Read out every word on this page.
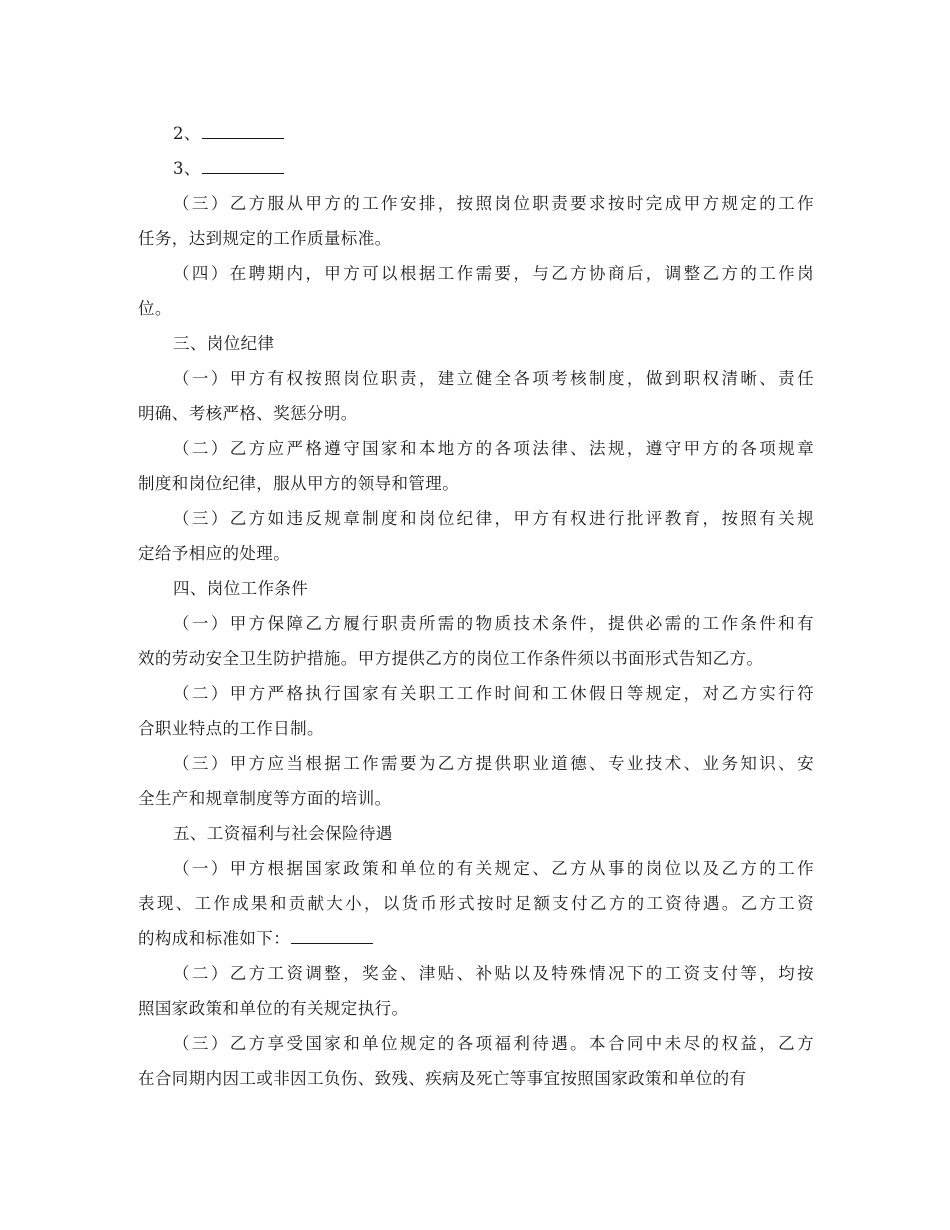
2、
3、
（三）乙方服从甲方的工作安排，按照岗位职责要求按时完成甲方规定的工作
任务，达到规定的工作质量标准。
（四）在聘期内，甲方可以根据工作需要，与乙方协商后，调整乙方的工作岗
位。
三、岗位纪律
（一）甲方有权按照岗位职责，建立健全各项考核制度，做到职权清晰、责任
明确、考核严格、奖惩分明。
（二）乙方应严格遵守国家和本地方的各项法律、法规，遵守甲方的各项规章
制度和岗位纪律，服从甲方的领导和管理。
（三）乙方如违反规章制度和岗位纪律，甲方有权进行批评教育，按照有关规
定给予相应的处理。
四、岗位工作条件
（一）甲方保障乙方履行职责所需的物质技术条件，提供必需的工作条件和有
效的劳动安全卫生防护措施。甲方提供乙方的岗位工作条件须以书面形式告知乙方。
（二）甲方严格执行国家有关职工工作时间和工休假日等规定，对乙方实行符
合职业特点的工作日制。
（三）甲方应当根据工作需要为乙方提供职业道德、专业技术、业务知识、安
全生产和规章制度等方面的培训。
五、工资福利与社会保险待遇
（一）甲方根据国家政策和单位的有关规定、乙方从事的岗位以及乙方的工作
表现、工作成果和贡献大小，以货币形式按时足额支付乙方的工资待遇。乙方工资
的构成和标准如下：
（二）乙方工资调整，奖金、津贴、补贴以及特殊情况下的工资支付等，均按
照国家政策和单位的有关规定执行。
（三）乙方享受国家和单位规定的各项福利待遇。本合同中未尽的权益，乙方
在合同期内因工或非因工负伤、致残、疾病及死亡等事宜按照国家政策和单位的有
